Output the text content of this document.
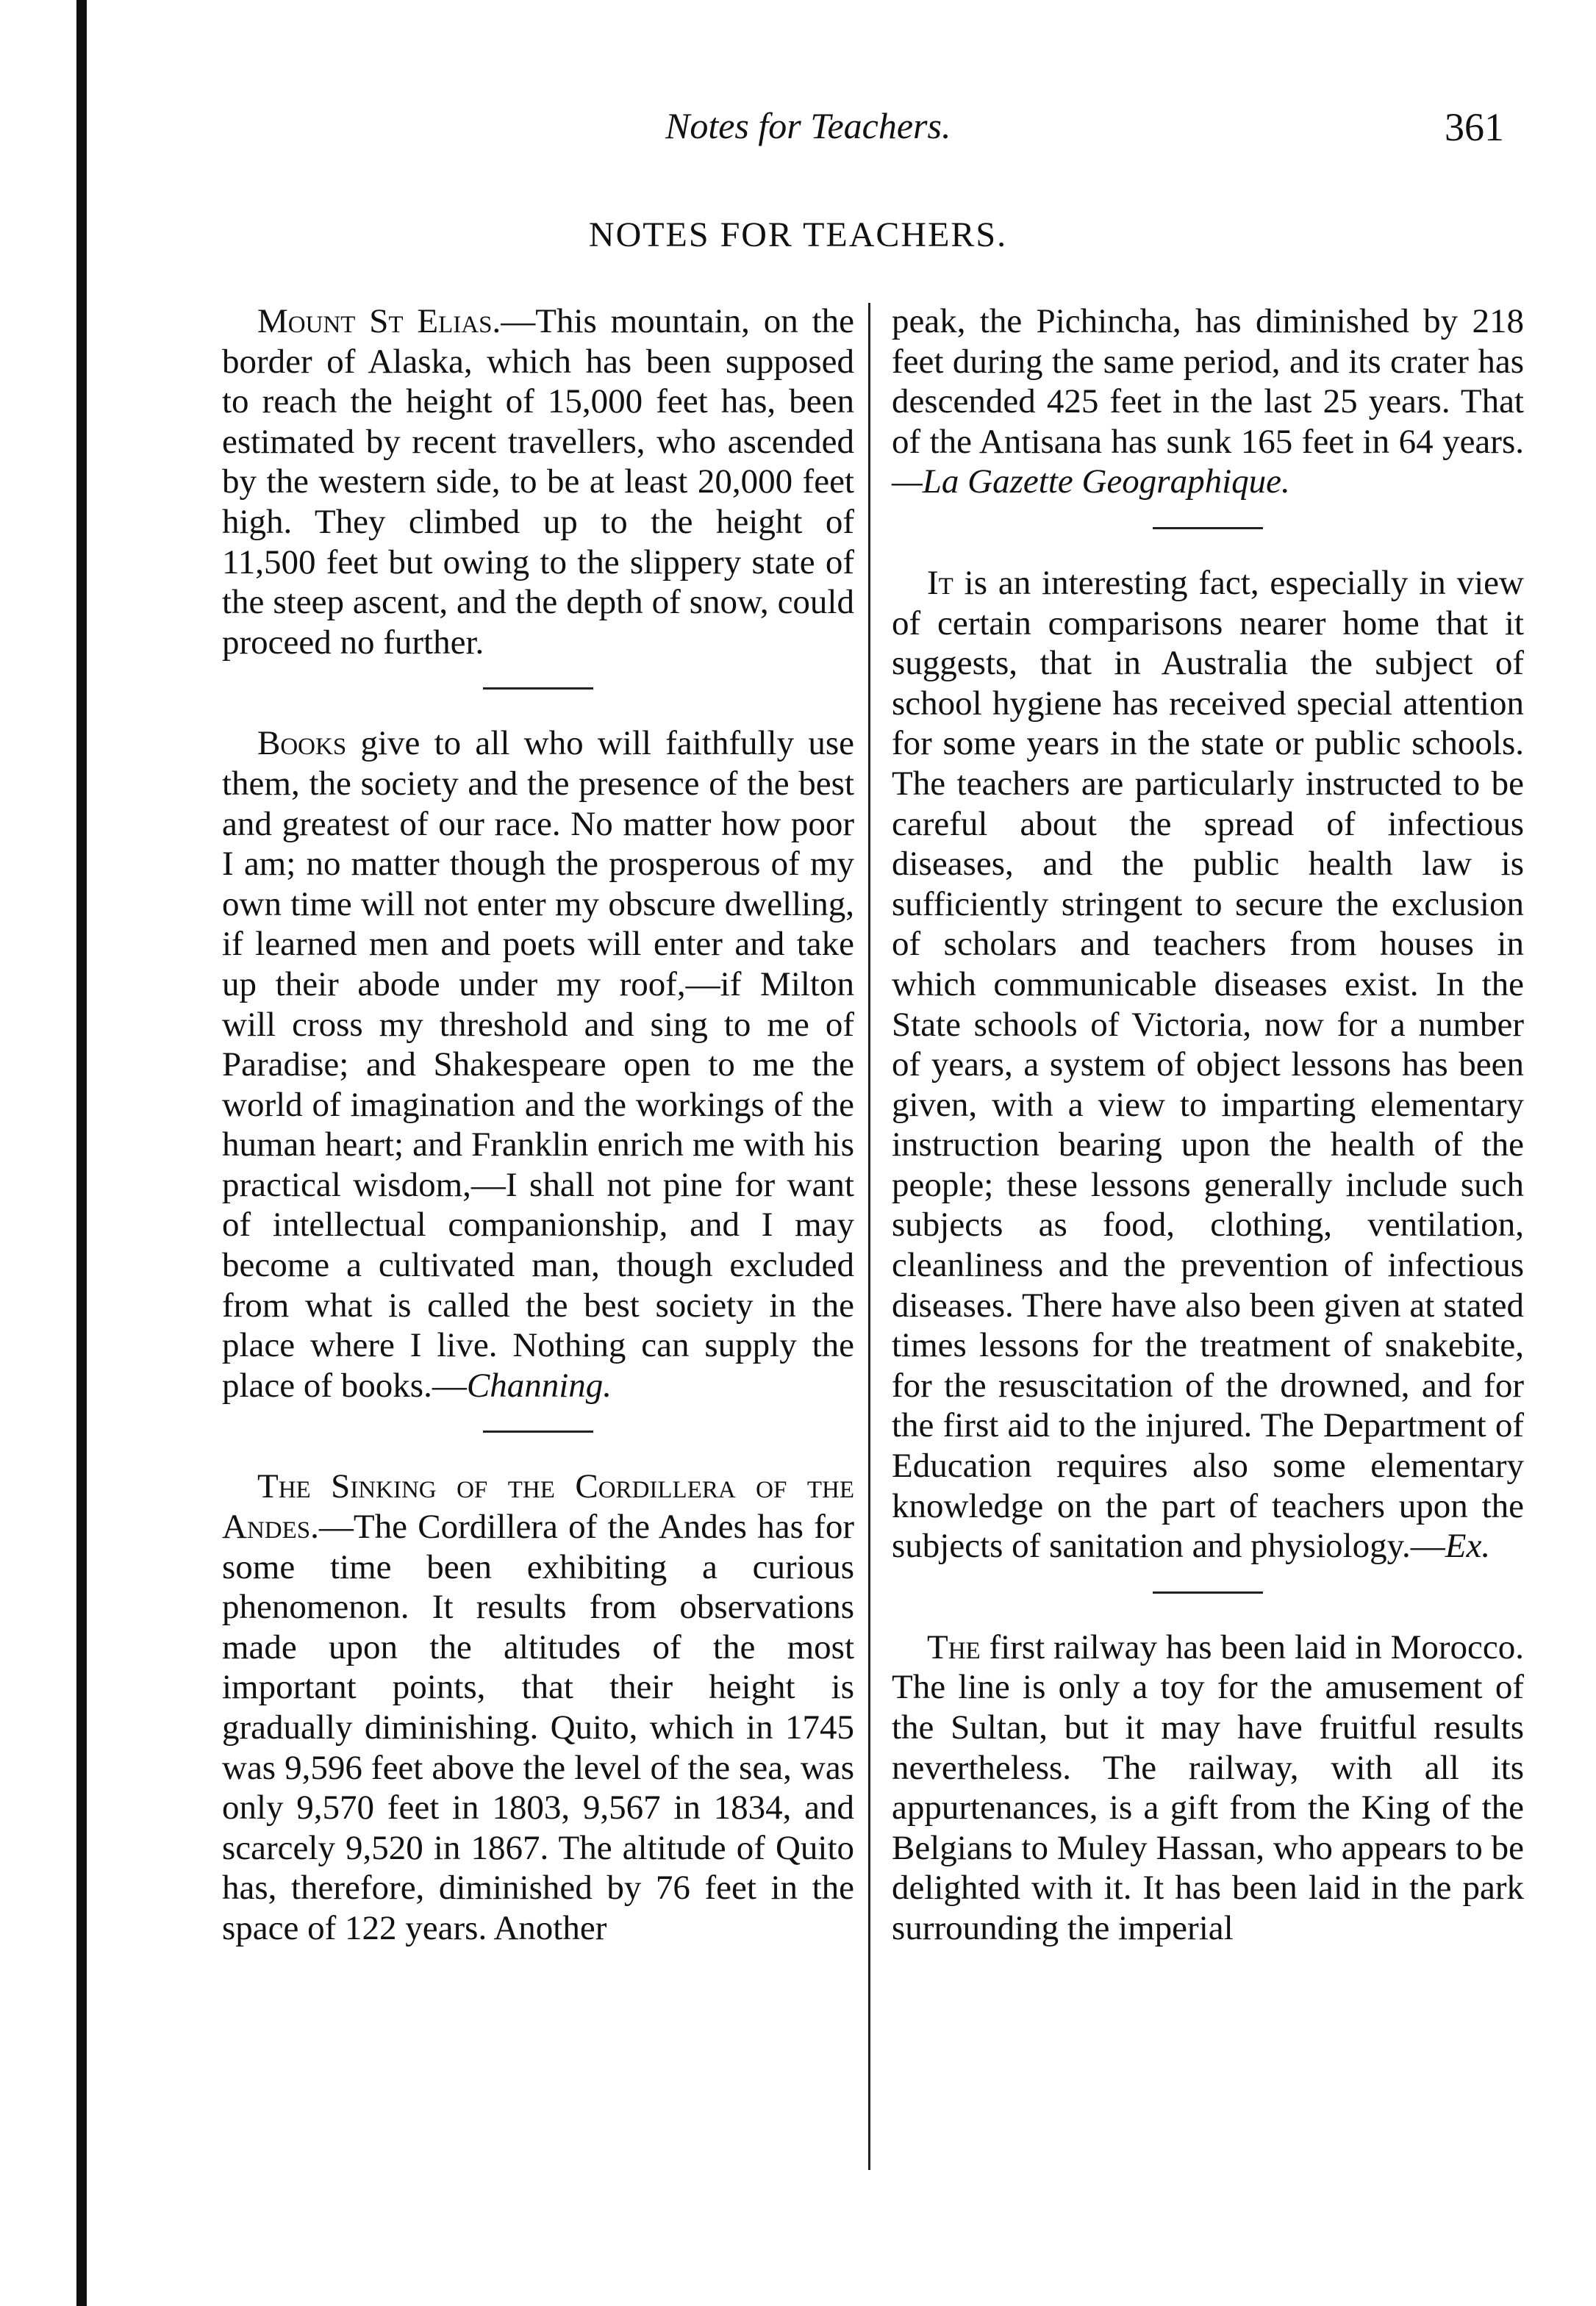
Notes for Teachers.	361
NOTES FOR TEACHERS.

Mount St Elias.—This mountain, on the border of Alaska, which has been supposed to reach the height of 15,000 feet has, been estimated by recent travellers, who ascended by the western side, to be at least 20,000 feet high. They climbed up to the height of 11,500 feet but owing to the slippery state of the steep ascent, and the depth of snow, could proceed no further.

Books give to all who will faithfully use them, the society and the presence of the best and greatest of our race. No matter how poor I am; no matter though the prosperous of my own time will not enter my obscure dwelling, if learned men and poets will enter and take up their abode under my roof,—if Milton will cross my threshold and sing to me of Paradise; and Shakespeare open to me the world of imagination and the workings of the human heart; and Franklin enrich me with his practical wisdom,—I shall not pine for want of intellectual companionship, and I may become a cultivated man, though excluded from what is called the best society in the place where I live. Nothing can supply the place of books.—Channing.

The Sinking of the Cordillera of the Andes.—The Cordillera of the Andes has for some time been exhibiting a curious phenomenon. It results from observations made upon the altitudes of the most important points, that their height is gradually diminishing. Quito, which in 1745 was 9,596 feet above the level of the sea, was only 9,570 feet in 1803, 9,567 in 1834, and scarcely 9,520 in 1867. The altitude of Quito has, therefore, diminished by 76 feet in the space of 122 years. Another

peak, the Pichincha, has diminished by 218 feet during the same period, and its crater has descended 425 feet in the last 25 years. That of the Antisana has sunk 165 feet in 64 years.—La Gazette Geographique.

It is an interesting fact, especially in view of certain comparisons nearer home that it suggests, that in Australia the subject of school hygiene has received special attention for some years in the state or public schools. The teachers are particularly instructed to be careful about the spread of infectious diseases, and the public health law is sufficiently stringent to secure the exclusion of scholars and teachers from houses in which communicable diseases exist. In the State schools of Victoria, now for a number of years, a system of object lessons has been given, with a view to imparting elementary instruction bearing upon the health of the people; these lessons generally include such subjects as food, clothing, ventilation, cleanliness and the prevention of infectious diseases. There have also been given at stated times lessons for the treatment of snakebite, for the resuscitation of the drowned, and for the first aid to the injured. The Department of Education requires also some elementary knowledge on the part of teachers upon the subjects of sanitation and physiology.—Ex.

The first railway has been laid in Morocco. The line is only a toy for the amusement of the Sultan, but it may have fruitful results nevertheless. The railway, with all its appurtenances, is a gift from the King of the Belgians to Muley Hassan, who appears to be delighted with it. It has been laid in the park surrounding the imperial
